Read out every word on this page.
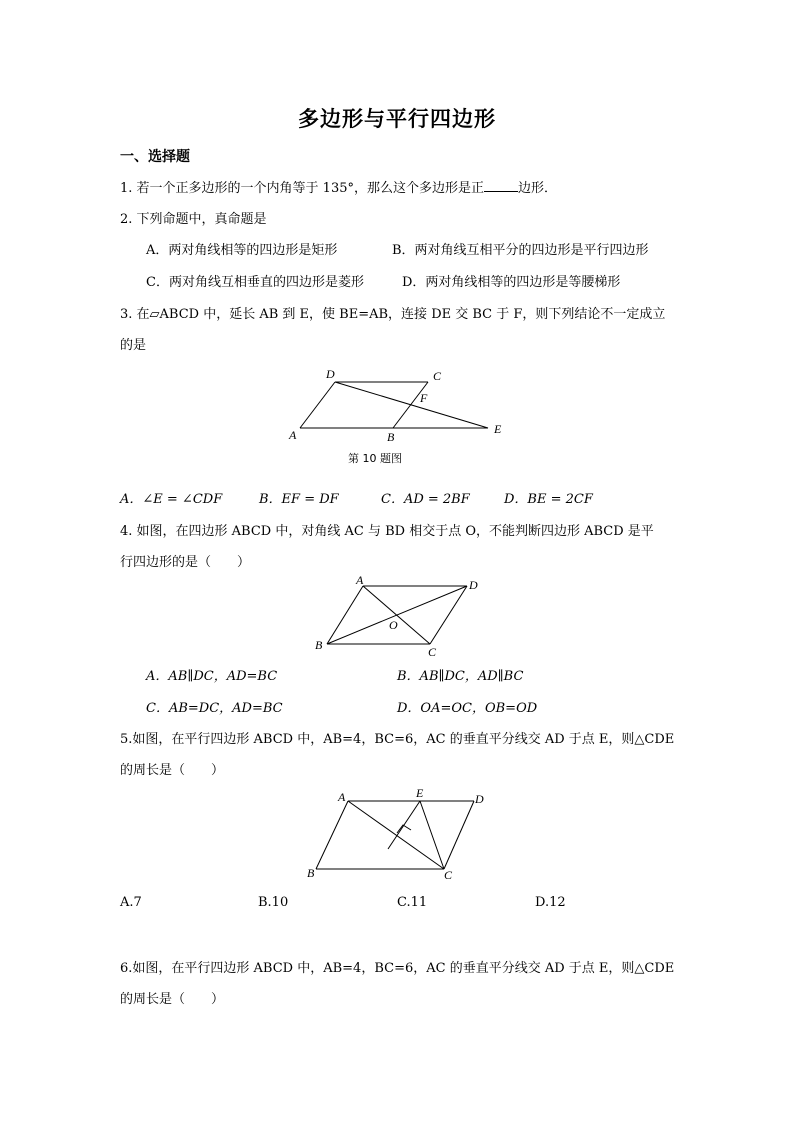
多边形与平行四边形
一、选择题
1. 若一个正多边形的一个内角等于 135°，那么这个多边形是正	边形．
2. 下列命题中，真命题是
A．两对角线相等的四边形是矩形	B．两对角线互相平分的四边形是平行四边形
C．两对角线互相垂直的四边形是菱形	D．两对角线相等的四边形是等腰梯形
3. 在▱ABCD 中，延长 AB 到 E，使 BE=AB，连接 DE 交 BC 于 F，则下列结论不一定成立
的是
D	C
F
A	B
E
第 10 题图
A．∠E = ∠CDF	B．EF = DF	C．AD = 2BF	D．BE = 2CF
4. 如图，在四边形 ABCD 中，对角线 AC 与 BD 相交于点 O，不能判断四边形 ABCD 是平
行四边形的是（　　）
A	D
O
B	C
A．AB∥DC，AD=BC	B．AB∥DC，AD∥BC
C．AB=DC，AD=BC	D．OA=OC，OB=OD
5.如图，在平行四边形 ABCD 中，AB=4，BC=6，AC 的垂直平分线交 AD 于点 E，则△CDE
的周长是（　　）
A	E	D
B	C
A.7	B.10	C.11	D.12
6.如图，在平行四边形 ABCD 中，AB=4，BC=6，AC 的垂直平分线交 AD 于点 E，则△CDE
的周长是（　　）
